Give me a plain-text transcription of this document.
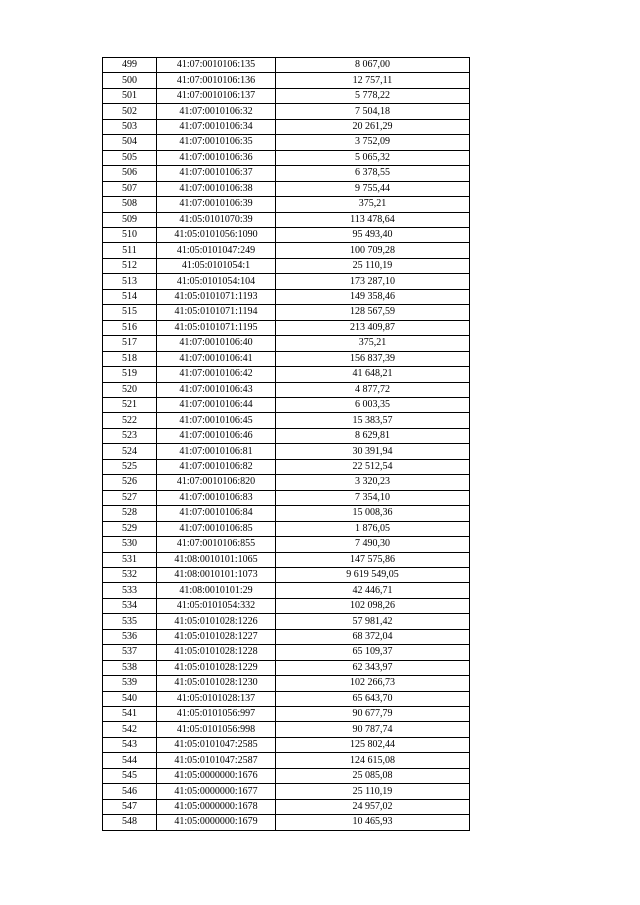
499	41:07:0010106:135	8 067,00
500	41:07:0010106:136	12 757,11
501	41:07:0010106:137	5 778,22
502	41:07:0010106:32	7 504,18
503	41:07:0010106:34	20 261,29
504	41:07:0010106:35	3 752,09
505	41:07:0010106:36	5 065,32
506	41:07:0010106:37	6 378,55
507	41:07:0010106:38	9 755,44
508	41:07:0010106:39	375,21
509	41:05:0101070:39	113 478,64
510	41:05:0101056:1090	95 493,40
511	41:05:0101047:249	100 709,28
512	41:05:0101054:1	25 110,19
513	41:05:0101054:104	173 287,10
514	41:05:0101071:1193	149 358,46
515	41:05:0101071:1194	128 567,59
516	41:05:0101071:1195	213 409,87
517	41:07:0010106:40	375,21
518	41:07:0010106:41	156 837,39
519	41:07:0010106:42	41 648,21
520	41:07:0010106:43	4 877,72
521	41:07:0010106:44	6 003,35
522	41:07:0010106:45	15 383,57
523	41:07:0010106:46	8 629,81
524	41:07:0010106:81	30 391,94
525	41:07:0010106:82	22 512,54
526	41:07:0010106:820	3 320,23
527	41:07:0010106:83	7 354,10
528	41:07:0010106:84	15 008,36
529	41:07:0010106:85	1 876,05
530	41:07:0010106:855	7 490,30
531	41:08:0010101:1065	147 575,86
532	41:08:0010101:1073	9 619 549,05
533	41:08:0010101:29	42 446,71
534	41:05:0101054:332	102 098,26
535	41:05:0101028:1226	57 981,42
536	41:05:0101028:1227	68 372,04
537	41:05:0101028:1228	65 109,37
538	41:05:0101028:1229	62 343,97
539	41:05:0101028:1230	102 266,73
540	41:05:0101028:137	65 643,70
541	41:05:0101056:997	90 677,79
542	41:05:0101056:998	90 787,74
543	41:05:0101047:2585	125 802,44
544	41:05:0101047:2587	124 615,08
545	41:05:0000000:1676	25 085,08
546	41:05:0000000:1677	25 110,19
547	41:05:0000000:1678	24 957,02
548	41:05:0000000:1679	10 465,93
